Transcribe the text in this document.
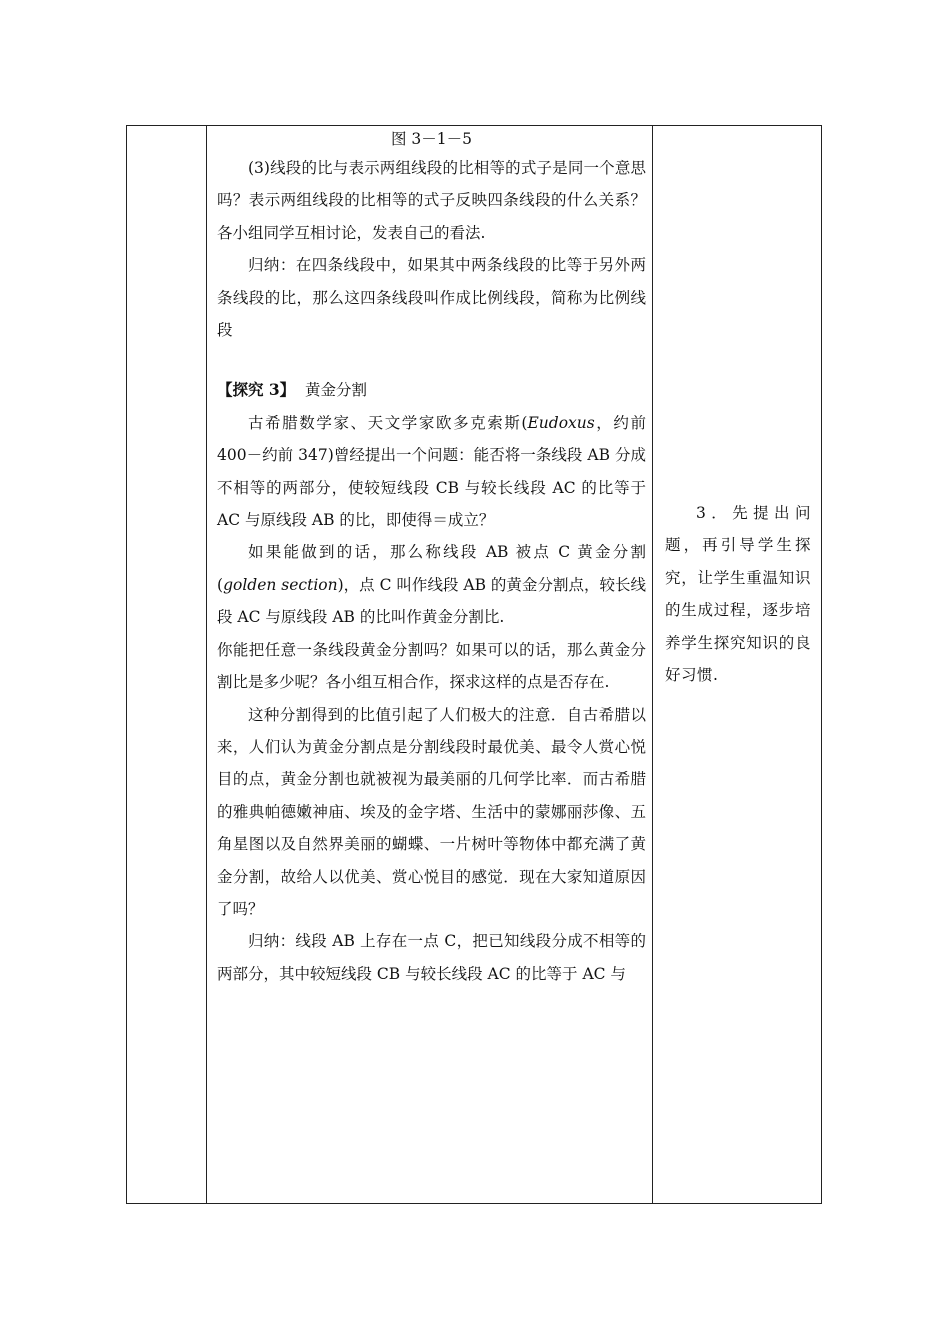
图 3－1－5
(3)线段的比与表示两组线段的比相等的式子是同一个意思吗？表示两组线段的比相等的式子反映四条线段的什么关系？各小组同学互相讨论，发表自己的看法.
归纳：在四条线段中，如果其中两条线段的比等于另外两条线段的比，那么这四条线段叫作成比例线段，简称为比例线段
【探究 3】 黄金分割
古希腊数学家、天文学家欧多克索斯(Eudoxus，约前 400－约前 347)曾经提出一个问题：能否将一条线段 AB 分成不相等的两部分，使较短线段 CB 与较长线段 AC 的比等于 AC 与原线段 AB 的比，即使得＝成立？
如果能做到的话，那么称线段 AB 被点 C 黄金分割(golden section)，点 C 叫作线段 AB 的黄金分割点，较长线段 AC 与原线段 AB 的比叫作黄金分割比.
你能把任意一条线段黄金分割吗？如果可以的话，那么黄金分割比是多少呢？各小组互相合作，探求这样的点是否存在.
这种分割得到的比值引起了人们极大的注意．自古希腊以来，人们认为黄金分割点是分割线段时最优美、最令人赏心悦目的点，黄金分割也就被视为最美丽的几何学比率．而古希腊的雅典帕德嫩神庙、埃及的金字塔、生活中的蒙娜丽莎像、五角星图以及自然界美丽的蝴蝶、一片树叶等物体中都充满了黄金分割，故给人以优美、赏心悦目的感觉．现在大家知道原因了吗？
归纳：线段 AB 上存在一点 C，把已知线段分成不相等的两部分，其中较短线段 CB 与较长线段 AC 的比等于 AC 与
3．先提出问题，再引导学生探究，让学生重温知识的生成过程，逐步培养学生探究知识的良好习惯.
